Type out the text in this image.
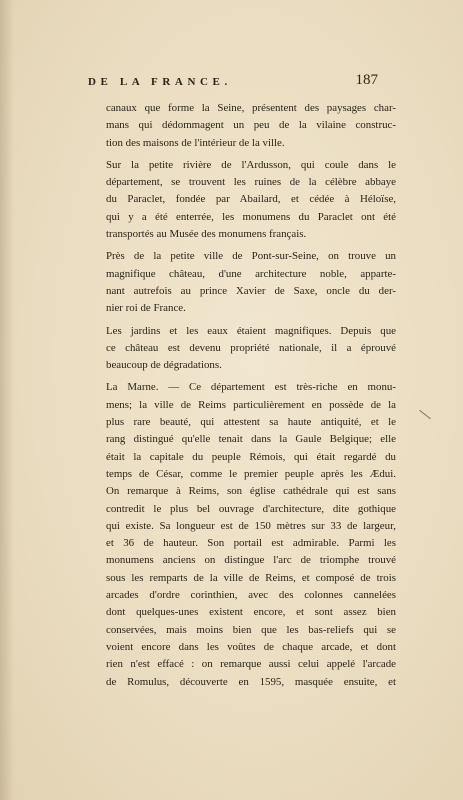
DE LA FRANCE.	187
canaux que forme la Seine, présentent des paysages char-
mans qui dédommagent un peu de la vilaine construc-
tion des maisons de l'intérieur de la ville.
Sur la petite rivière de l'Ardusson, qui coule dans le
département, se trouvent les ruines de la célèbre abbaye
du Paraclet, fondée par Abailard, et cédée à Héloïse,
qui y a été enterrée, les monumens du Paraclet ont été
transportés au Musée des monumens français.
Près de la petite ville de Pont-sur-Seine, on trouve un
magnifique château, d'une architecture noble, apparte-
nant autrefois au prince Xavier de Saxe, oncle du der-
nier roi de France.
Les jardins et les eaux étaient magnifiques. Depuis que
ce château est devenu propriété nationale, il a éprouvé
beaucoup de dégradations.
La Marne. — Ce département est très-riche en monu-
mens; la ville de Reims particulièrement en possède de la
plus rare beauté, qui attestent sa haute antiquité, et le
rang distingué qu'elle tenait dans la Gaule Belgique; elle
était la capitale du peuple Rémois, qui était regardé du
temps de César, comme le premier peuple après les Ædui.
On remarque à Reims, son église cathédrale qui est sans
contredit le plus bel ouvrage d'architecture, dite gothique
qui existe. Sa longueur est de 150 mètres sur 33 de largeur,
et 36 de hauteur. Son portail est admirable. Parmi les
monumens anciens on distingue l'arc de triomphe trouvé
sous les remparts de la ville de Reims, et composé de trois
arcades d'ordre corinthien, avec des colonnes cannelées
dont quelques-unes existent encore, et sont assez bien
conservées, mais moins bien que les bas-reliefs qui se
voient encore dans les voûtes de chaque arcade, et dont
rien n'est effacé : on remarque aussi celui appelé l'arcade
de Romulus, découverte en 1595, masquée ensuite, et
